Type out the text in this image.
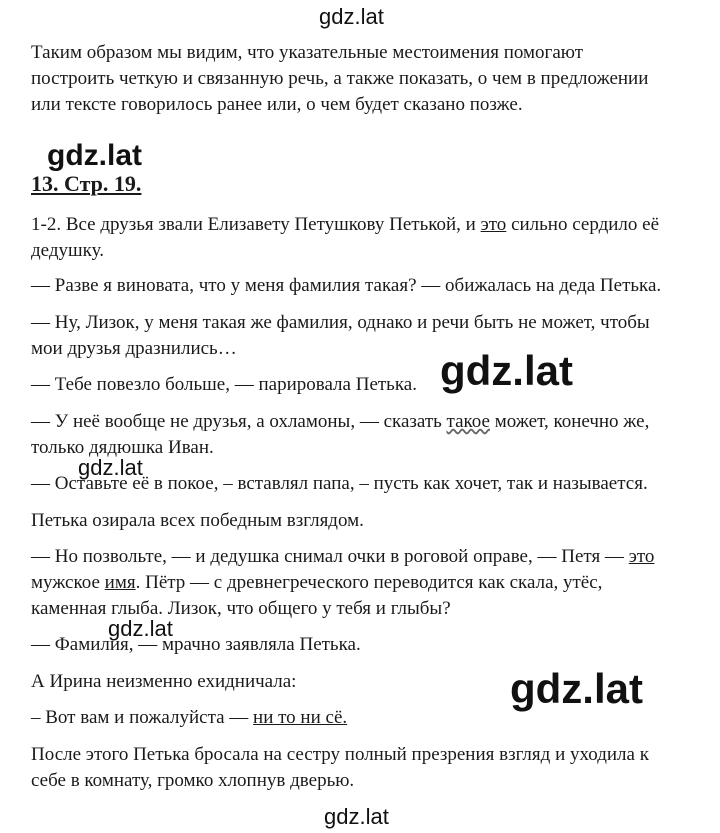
gdz.lat
gdz.lat
gdz.lat
gdz.lat
gdz.lat
gdz.lat
Таким образом мы видим, что указательные местоимения помогают
построить четкую и связанную речь, а также показать, о чем в предложении
или тексте говорилось ранее или, о чем будет сказано позже.
13. Стр. 19.
gdz.lat
1-2. Все друзья звали Елизавету Петушкову Петькой, и это сильно сердило её
дедушку.
— Разве я виновата, что у меня фамилия такая? — обижалась на деда Петька.
— Ну, Лизок, у меня такая же фамилия, однако и речи быть не может, чтобы
мои друзья дразнились…
— Тебе повезло больше, — парировала Петька.
— У неё вообще не друзья, а охламоны, — сказать такое может, конечно же,
только дядюшка Иван.
— Оставьте её в покое, – вставлял папа, – пусть как хочет, так и называется.
Петька озирала всех победным взглядом.
— Но позвольте, — и дедушка снимал очки в роговой оправе, — Петя — это
мужское имя. Пётр — с древнегреческого переводится как скала, утёс,
каменная глыба. Лизок, что общего у тебя и глыбы?
— Фамилия, — мрачно заявляла Петька.
А Ирина неизменно ехидничала:
– Вот вам и пожалуйста — ни то ни сё.
После этого Петька бросала на сестру полный презрения взгляд и уходила к
себе в комнату, громко хлопнув дверью.
